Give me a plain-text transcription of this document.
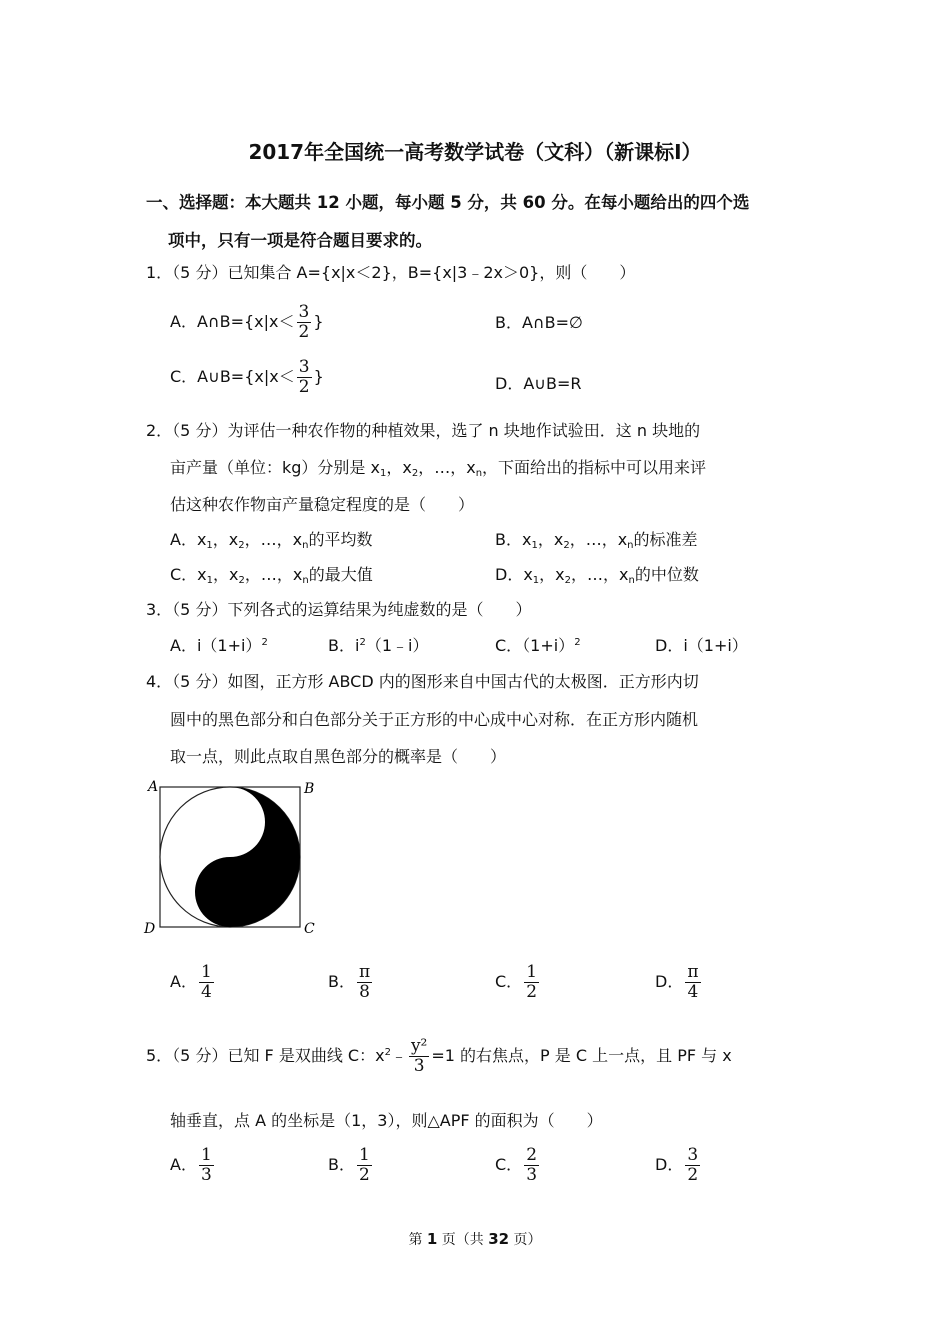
2017年全国统一高考数学试卷（文科）（新课标Ⅰ）
一、选择题：本大题共 12 小题，每小题 5 分，共 60 分。在每小题给出的四个选
项中，只有一项是符合题目要求的。
1．（5 分）已知集合 A={x|x＜2}，B={x|3﹣2x＞0}，则（　　）
A．A∩B={x|x＜ $\frac{3}{2}$ }	B．A∩B=∅
C．A∪B={x|x＜ $\frac{3}{2}$ }	D．A∪B=R
2．（5 分）为评估一种农作物的种植效果，选了 n 块地作试验田．这 n 块地的
亩产量（单位：kg）分别是 $x_1$，$x_2$，…，$x_n$，下面给出的指标中可以用来评
估这种农作物亩产量稳定程度的是（　　）
A．$x_1$，$x_2$，…，$x_n$的平均数	B．$x_1$，$x_2$，…，$x_n$的标准差
C．$x_1$，$x_2$，…，$x_n$的最大值	D．$x_1$，$x_2$，…，$x_n$的中位数
3．（5 分）下列各式的运算结果为纯虚数的是（　　）
A．$i(1+i)^2$	B．$i^2(1﹣i)$	C．$(1+i)^2$	D．i（1+i）
4．（5 分）如图，正方形 ABCD 内的图形来自中国古代的太极图．正方形内切
圆中的黑色部分和白色部分关于正方形的中心成中心对称．在正方形内随机
取一点，则此点取自黑色部分的概率是（　　）
A	B
C
D
A． $\frac{1}{4}$	B． $\frac{\pi}{8}$	C． $\frac{1}{2}$	D． $\frac{\pi}{4}$
5．（5 分）已知 F 是双曲线 C：$x^2﹣ \frac{\text{y²}}{3} =1$ 的右焦点，P 是 C 上一点，且 PF 与 x
轴垂直，点 A 的坐标是（1，3），则△APF 的面积为（　　）
A． $\frac{1}{3}$	B． $\frac{1}{2}$	C． $\frac{2}{3}$	D． $\frac{3}{2}$
第 1 页（共 32 页）
